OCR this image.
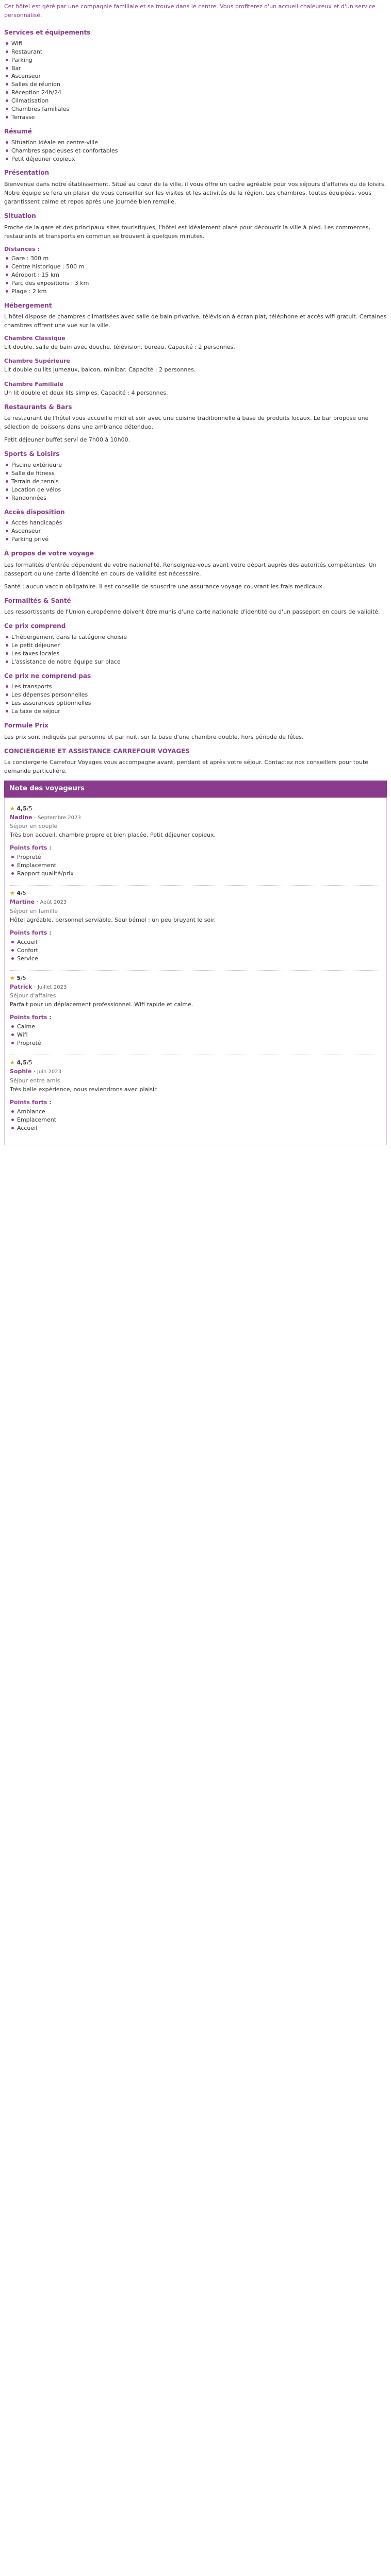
Cet hôtel est géré par une compagnie familiale et se trouve dans le centre. Vous profiterez d'un accueil chaleureux et d'un service personnalisé.
Services et équipements
Wifi
Restaurant
Parking
Bar
Ascenseur
Salles de réunion
Réception 24h/24
Climatisation
Chambres familiales
Terrasse
Résumé
Situation idéale en centre-ville
Chambres spacieuses et confortables
Petit déjeuner copieux
Présentation

Bienvenue dans notre établissement. Situé au cœur de la ville, il vous offre un cadre agréable pour vos séjours d'affaires ou de loisirs. Notre équipe se fera un plaisir de vous conseiller sur les visites et les activités de la région. Les chambres, toutes équipées, vous garantissent calme et repos après une journée bien remplie.

Situation

Proche de la gare et des principaux sites touristiques, l'hôtel est idéalement placé pour découvrir la ville à pied. Les commerces, restaurants et transports en commun se trouvent à quelques minutes.

Distances :
Gare : 300 m
Centre historique : 500 m
Aéroport : 15 km
Parc des expositions : 3 km
Plage : 2 km
Hébergement

L'hôtel dispose de chambres climatisées avec salle de bain privative, télévision à écran plat, téléphone et accès wifi gratuit. Certaines chambres offrent une vue sur la ville.

Chambre Classique
Lit double, salle de bain avec douche, télévision, bureau. Capacité : 2 personnes.
Chambre Supérieure
Lit double ou lits jumeaux, balcon, minibar. Capacité : 2 personnes.
Chambre Familiale
Un lit double et deux lits simples. Capacité : 4 personnes.
Restaurants & Bars

Le restaurant de l'hôtel vous accueille midi et soir avec une cuisine traditionnelle à base de produits locaux. Le bar propose une sélection de boissons dans une ambiance détendue.

Petit déjeuner buffet servi de 7h00 à 10h00.

Sports & Loisirs
Piscine extérieure
Salle de fitness
Terrain de tennis
Location de vélos
Randonnées
Accès disposition
Accès handicapés
Ascenseur
Parking privé
À propos de votre voyage

Les formalités d'entrée dépendent de votre nationalité. Renseignez-vous avant votre départ auprès des autorités compétentes. Un passeport ou une carte d'identité en cours de validité est nécessaire.

Santé : aucun vaccin obligatoire. Il est conseillé de souscrire une assurance voyage couvrant les frais médicaux.

Formalités & Santé

Les ressortissants de l'Union européenne doivent être munis d'une carte nationale d'identité ou d'un passeport en cours de validité.

Ce prix comprend
L'hébergement dans la catégorie choisie
Le petit déjeuner
Les taxes locales
L'assistance de notre équipe sur place
Ce prix ne comprend pas
Les transports
Les dépenses personnelles
Les assurances optionnelles
La taxe de séjour
Formule Prix

Les prix sont indiqués par personne et par nuit, sur la base d'une chambre double, hors période de fêtes.

CONCIERGERIE ET ASSISTANCE CARREFOUR VOYAGES

La conciergerie Carrefour Voyages vous accompagne avant, pendant et après votre séjour. Contactez nos conseillers pour toute demande particulière.

Note des voyageurs
★ 4,5/5
Nadine · Septembre 2023
Séjour en couple

Très bon accueil, chambre propre et bien placée. Petit déjeuner copieux.

Points forts :
Propreté
Emplacement
Rapport qualité/prix
★ 4/5
Martine · Août 2023
Séjour en famille

Hôtel agréable, personnel serviable. Seul bémol : un peu bruyant le soir.

Points forts :
Accueil
Confort
Service
★ 5/5
Patrick · Juillet 2023
Séjour d'affaires

Parfait pour un déplacement professionnel. Wifi rapide et calme.

Points forts :
Calme
Wifi
Propreté
★ 4,5/5
Sophie · Juin 2023
Séjour entre amis

Très belle expérience, nous reviendrons avec plaisir.

Points forts :
Ambiance
Emplacement
Accueil
